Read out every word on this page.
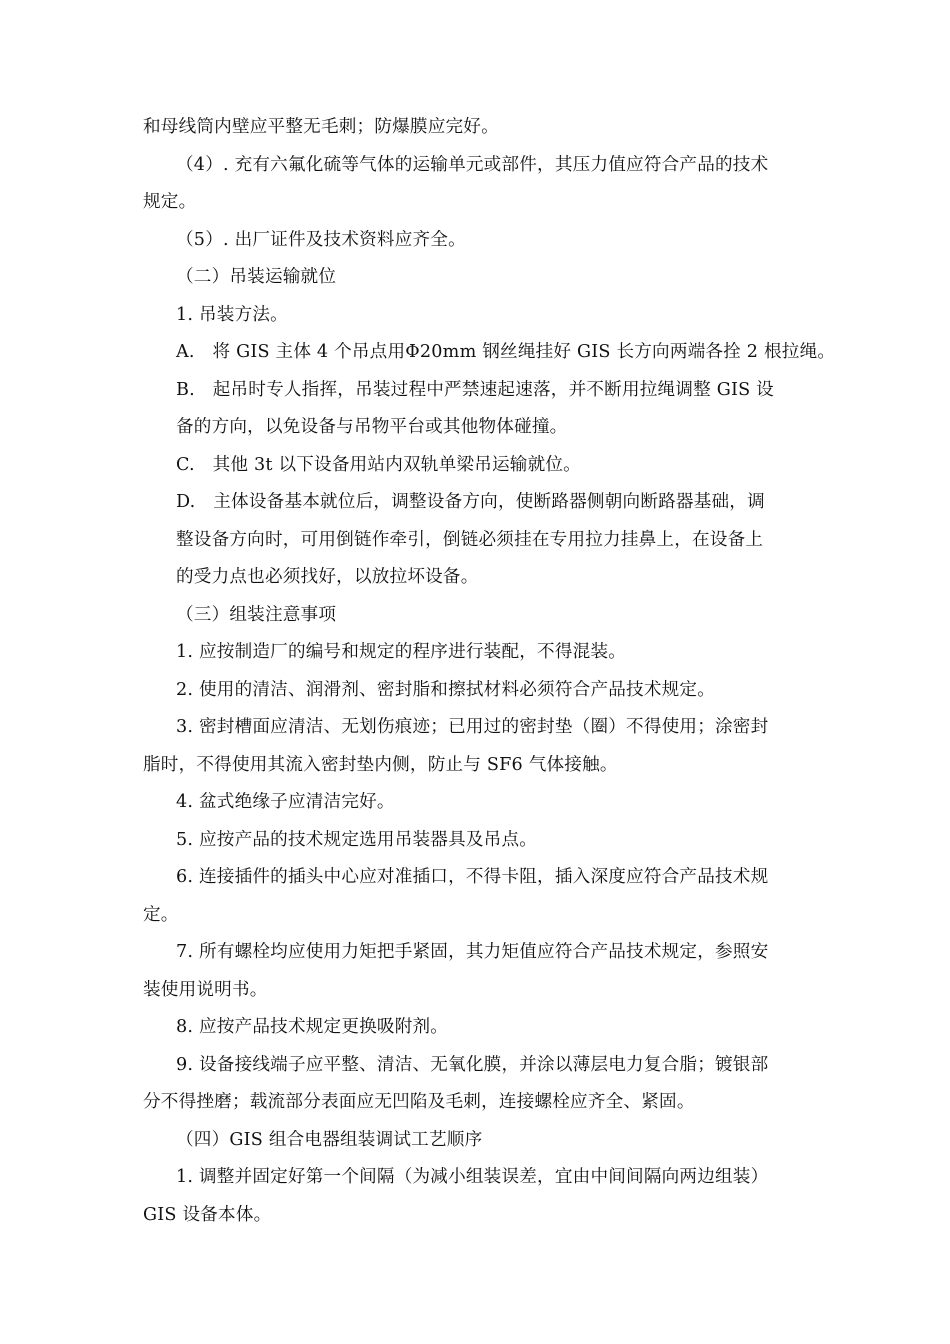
和母线筒内壁应平整无毛刺；防爆膜应完好。
（4）. 充有六氟化硫等气体的运输单元或部件，其压力值应符合产品的技术
规定。
（5）. 出厂证件及技术资料应齐全。
（二）吊装运输就位
1. 吊装方法。
A.　将 GIS 主体 4 个吊点用Φ20mm 钢丝绳挂好 GIS 长方向两端各拴 2 根拉绳。
B.　起吊时专人指挥，吊装过程中严禁速起速落，并不断用拉绳调整 GIS 设
备的方向，以免设备与吊物平台或其他物体碰撞。
C.　其他 3t 以下设备用站内双轨单梁吊运输就位。
D.　主体设备基本就位后，调整设备方向，使断路器侧朝向断路器基础，调
整设备方向时，可用倒链作牵引，倒链必须挂在专用拉力挂鼻上，在设备上
的受力点也必须找好，以放拉坏设备。
（三）组装注意事项
1. 应按制造厂的编号和规定的程序进行装配，不得混装。
2. 使用的清洁、润滑剂、密封脂和擦拭材料必须符合产品技术规定。
3. 密封槽面应清洁、无划伤痕迹；已用过的密封垫（圈）不得使用；涂密封
脂时，不得使用其流入密封垫内侧，防止与 SF6 气体接触。
4. 盆式绝缘子应清洁完好。
5. 应按产品的技术规定选用吊装器具及吊点。
6. 连接插件的插头中心应对准插口，不得卡阻，插入深度应符合产品技术规
定。
7. 所有螺栓均应使用力矩把手紧固，其力矩值应符合产品技术规定，参照安
装使用说明书。
8. 应按产品技术规定更换吸附剂。
9. 设备接线端子应平整、清洁、无氧化膜，并涂以薄层电力复合脂；镀银部
分不得挫磨；载流部分表面应无凹陷及毛刺，连接螺栓应齐全、紧固。
（四）GIS 组合电器组装调试工艺顺序
1. 调整并固定好第一个间隔（为减小组装误差，宜由中间间隔向两边组装）
GIS 设备本体。
